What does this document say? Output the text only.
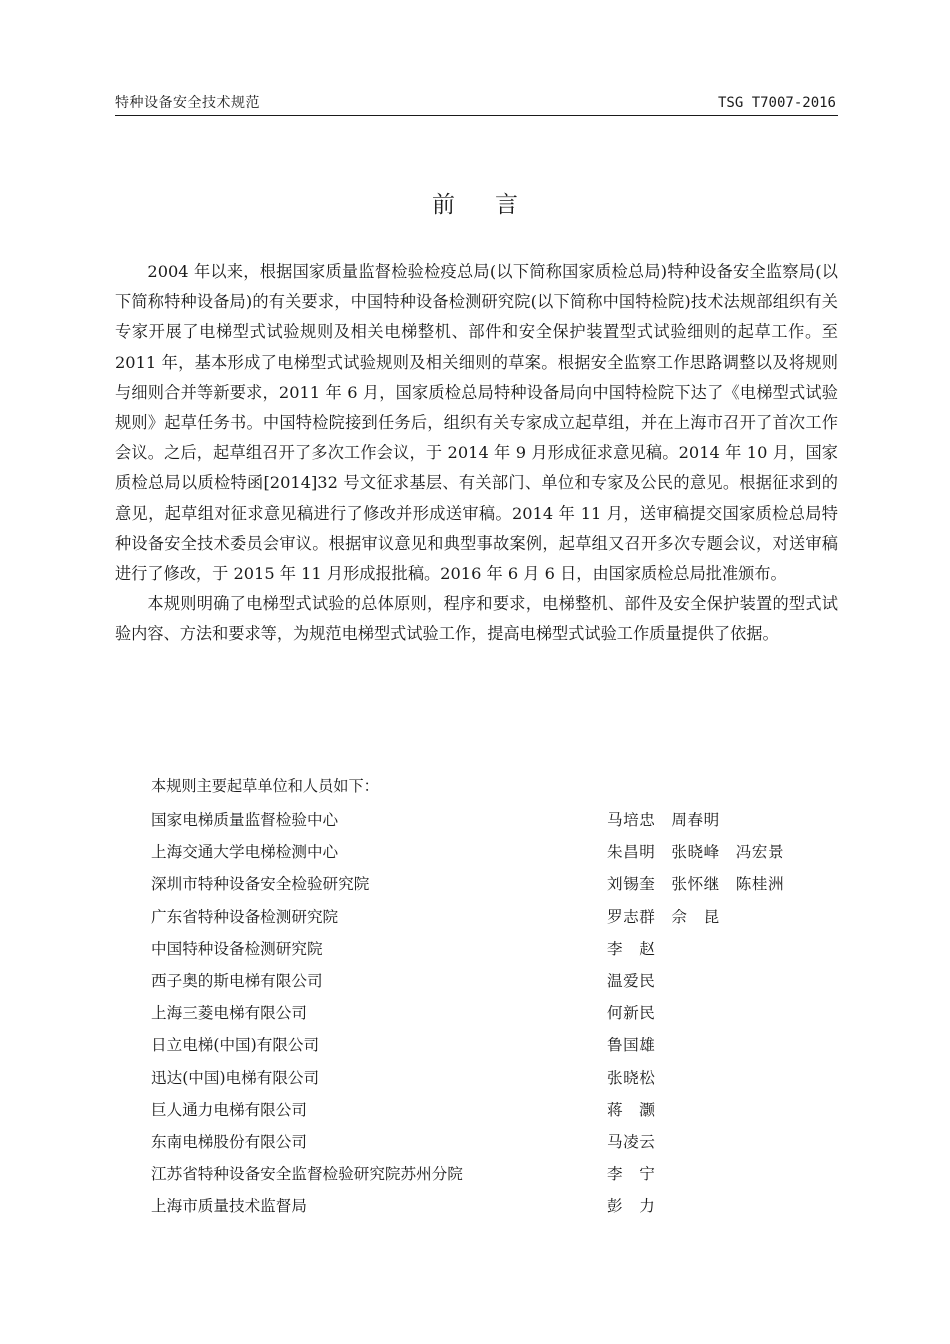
特种设备安全技术规范	TSG T7007-2016
前言

2004 年以来，根据国家质量监督检验检疫总局(以下简称国家质检总局)特种设备安全监察局(以下简称特种设备局)的有关要求，中国特种设备检测研究院(以下简称中国特检院)技术法规部组织有关专家开展了电梯型式试验规则及相关电梯整机、部件和安全保护装置型式试验细则的起草工作。至 2011 年，基本形成了电梯型式试验规则及相关细则的草案。根据安全监察工作思路调整以及将规则与细则合并等新要求，2011 年 6 月，国家质检总局特种设备局向中国特检院下达了《电梯型式试验规则》起草任务书。中国特检院接到任务后，组织有关专家成立起草组，并在上海市召开了首次工作会议。之后，起草组召开了多次工作会议，于 2014 年 9 月形成征求意见稿。2014 年 10 月，国家质检总局以质检特函[2014]32 号文征求基层、有关部门、单位和专家及公民的意见。根据征求到的意见，起草组对征求意见稿进行了修改并形成送审稿。2014 年 11 月，送审稿提交国家质检总局特种设备安全技术委员会审议。根据审议意见和典型事故案例，起草组又召开多次专题会议，对送审稿进行了修改，于 2015 年 11 月形成报批稿。2016 年 6 月 6 日，由国家质检总局批准颁布。

本规则明确了电梯型式试验的总体原则，程序和要求，电梯整机、部件及安全保护装置的型式试验内容、方法和要求等，为规范电梯型式试验工作，提高电梯型式试验工作质量提供了依据。

本规则主要起草单位和人员如下：
国家电梯质量监督检验中心	马培忠　周春明
上海交通大学电梯检测中心	朱昌明　张晓峰　冯宏景
深圳市特种设备安全检验研究院	刘锡奎　张怀继　陈桂洲
广东省特种设备检测研究院	罗志群　佘　昆
中国特种设备检测研究院	李　赵
西子奥的斯电梯有限公司	温爱民
上海三菱电梯有限公司	何新民
日立电梯(中国)有限公司	鲁国雄
迅达(中国)电梯有限公司	张晓松
巨人通力电梯有限公司	蒋　灏
东南电梯股份有限公司	马凌云
江苏省特种设备安全监督检验研究院苏州分院	李　宁
上海市质量技术监督局	彭　力
